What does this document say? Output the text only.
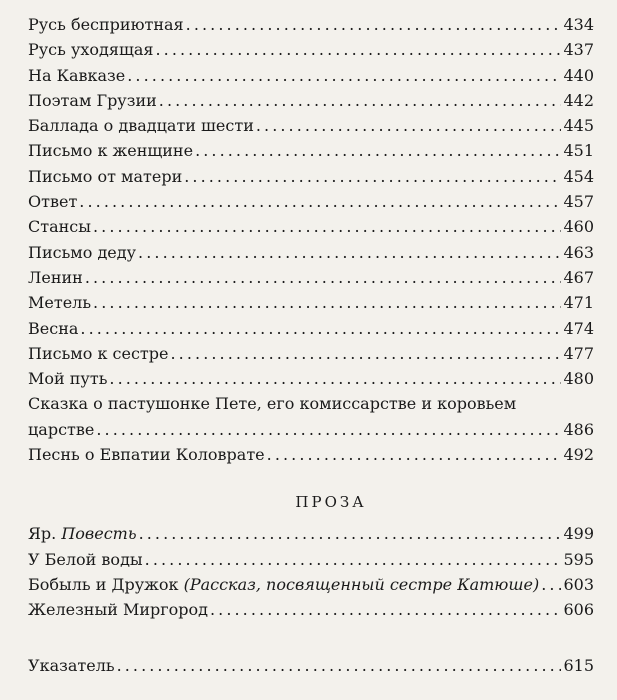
Русь бесприютная . . .	434
Русь уходящая . . .	437
На Кавказе . . .	440
Поэтам Грузии . . .	442
Баллада о двадцати шести . . .	445
Письмо к женщине . . .	451
Письмо от матери . . .	454
Ответ . . .	457
Стансы . . .	460
Письмо деду . . .	463
Ленин . . .	467
Метель . . .	471
Весна . . .	474
Письмо к сестре . . .	477
Мой путь . . .	480
Сказка о пастушонке Пете, его комиссарстве и коровьем
царстве . . .	486
Песнь о Евпатии Коловрате . . .	492
ПРОЗА
Яр. Повесть . . .	499
У Белой воды . . .	595
Бобыль и Дружок (Рассказ, посвященный сестре Катюше) . . . 603
Железный Миргород . . .	606
Указатель . . .	615
